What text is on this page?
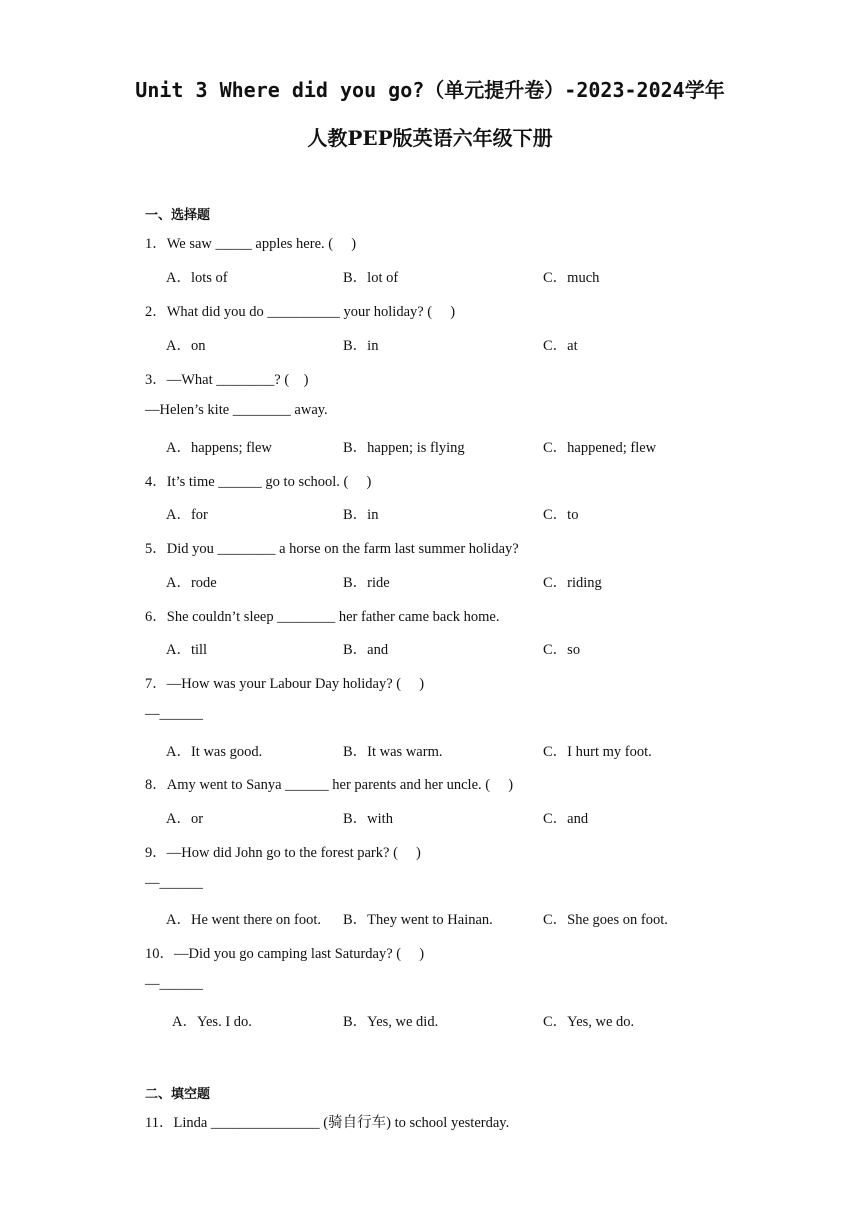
Unit 3 Where did you go?（单元提升卷）-2023-2024学年
人教PEP版英语六年级下册
一、选择题
1．We saw _____ apples here. (　 )
A．lots of	B．lot of	C．much
2．What did you do __________ your holiday? (　 )
A．on	B．in	C．at
3．—What ________? (　)
—Helen’s kite ________ away.
A．happens; flew	B．happen; is flying	C．happened; flew
4．It’s time ______ go to school. (　 )
A．for	B．in	C．to
5．Did you ________ a horse on the farm last summer holiday?
A．rode	B．ride	C．riding
6．She couldn’t sleep ________ her father came back home.
A．till	B．and	C．so
7．—How was your Labour Day holiday? (　 )
—______
A．It was good.	B．It was warm.	C．I hurt my foot.
8．Amy went to Sanya ______ her parents and her uncle. (　 )
A．or	B．with	C．and
9．—How did John go to the forest park? (　 )
—______
A．He went there on foot. B．They went to Hainan.	C．She goes on foot.
10．—Did you go camping last Saturday? (　 )
—______
A．Yes. I do.	B．Yes, we did.	C．Yes, we do.
二、填空题
11．Linda _______________ (骑自行车) to school yesterday.
